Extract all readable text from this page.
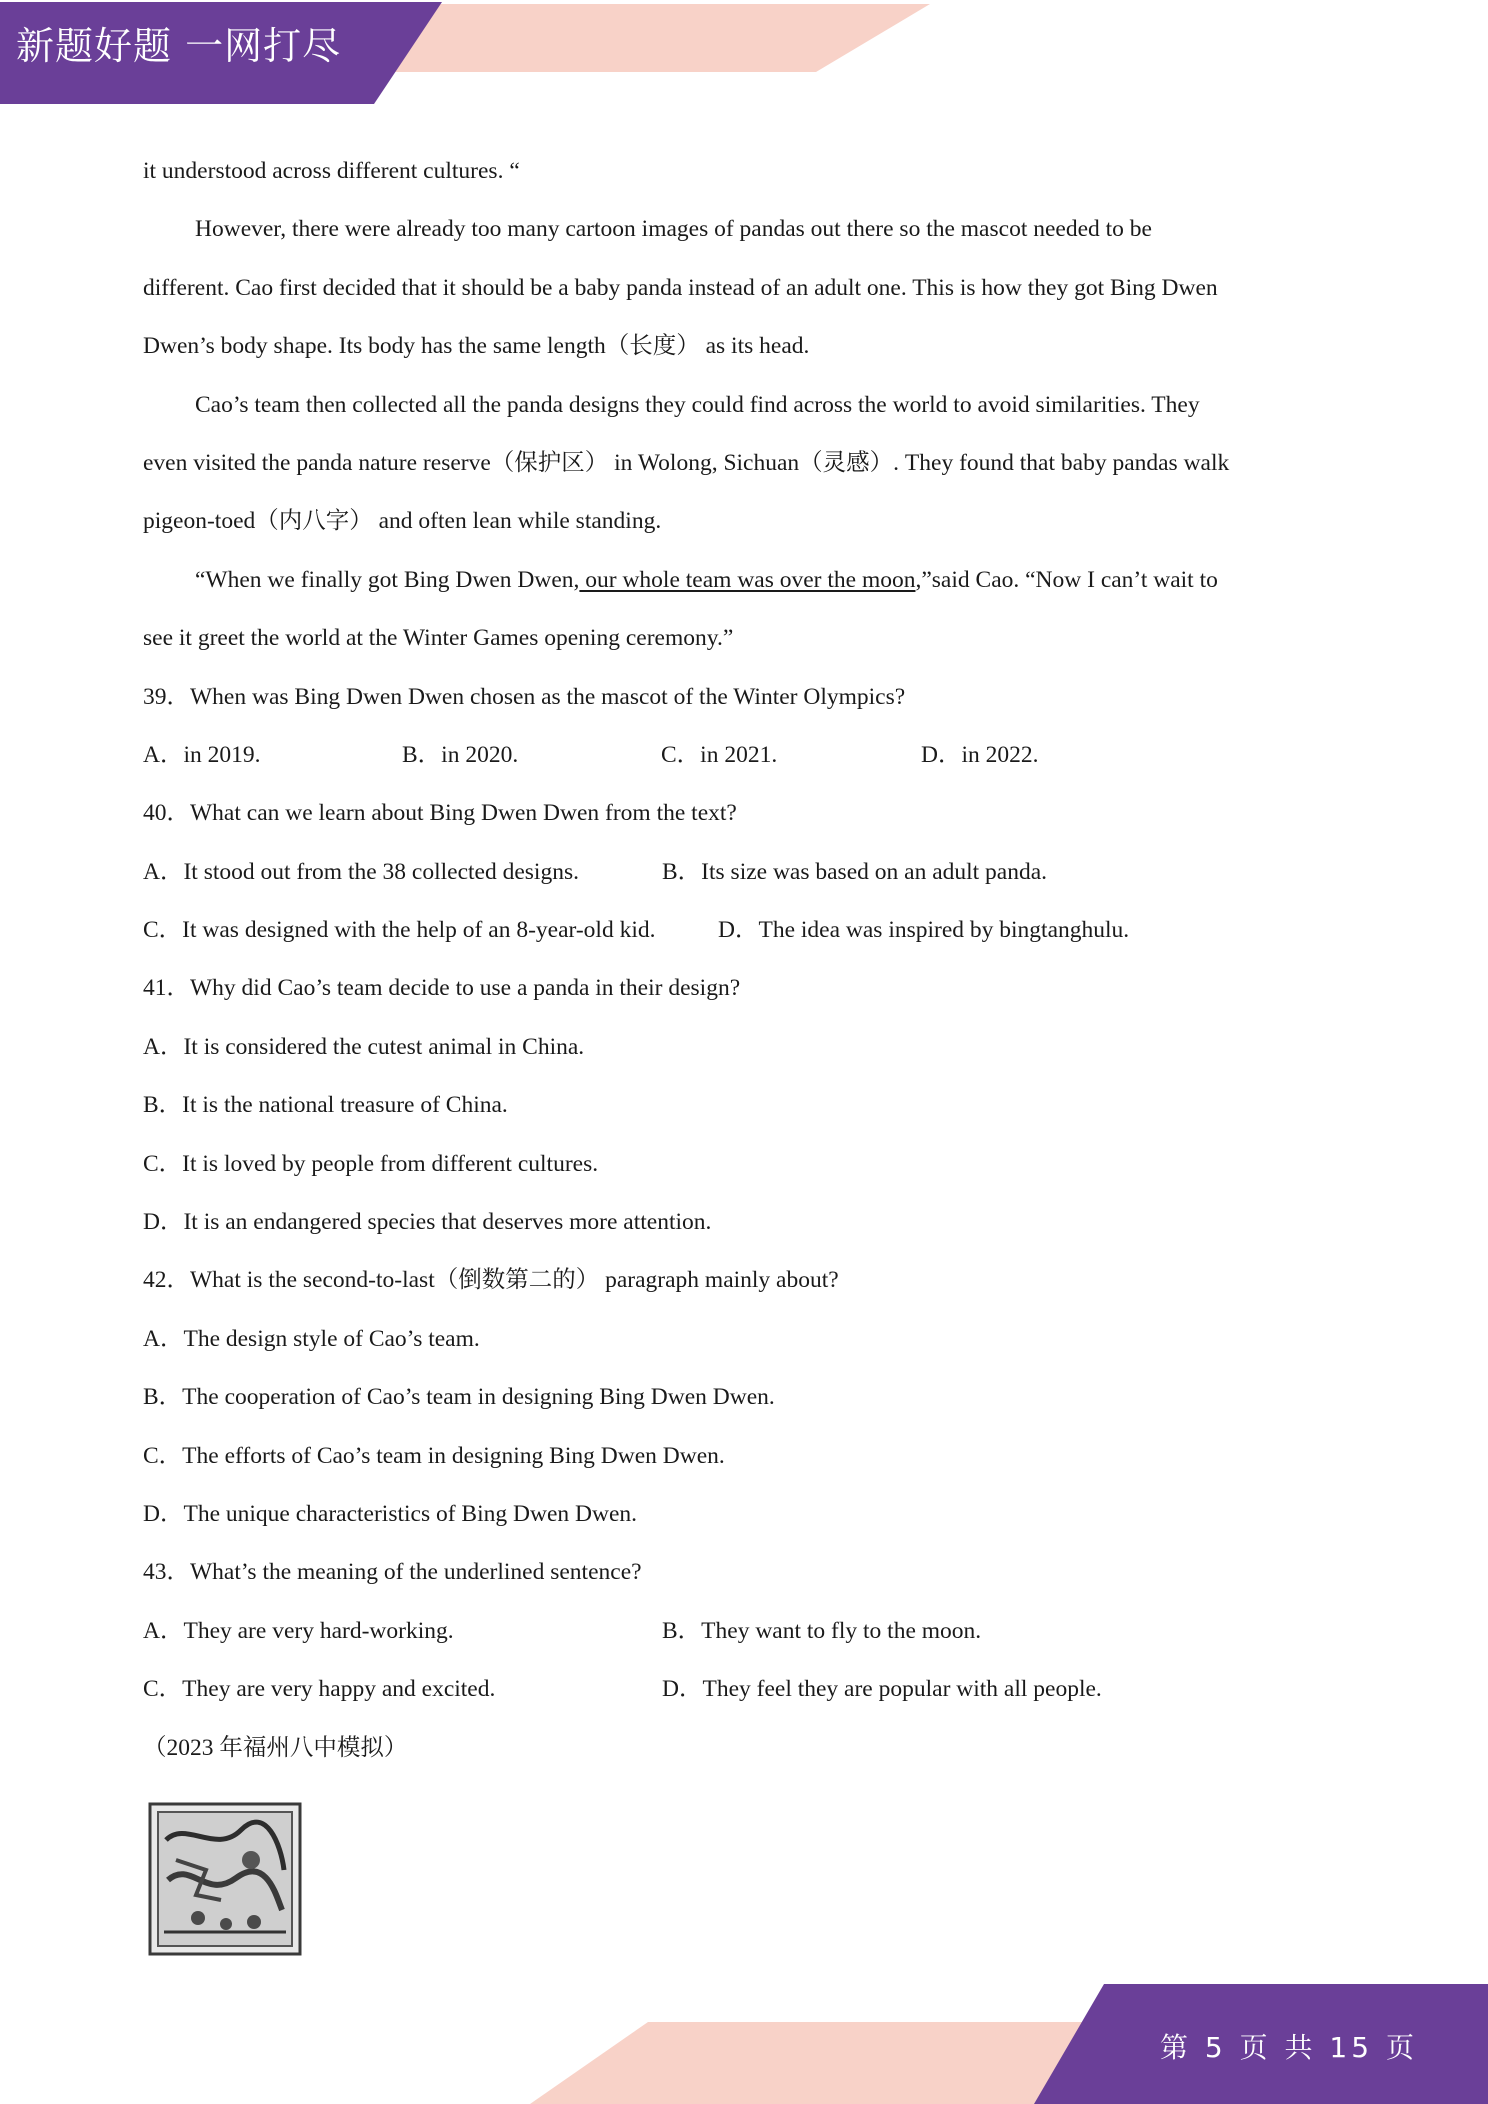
新题好题 一网打尽
it understood across different cultures. “
However, there were already too many cartoon images of pandas out there so the mascot needed to be
different. Cao first decided that it should be a baby panda instead of an adult one. This is how they got Bing Dwen
Dwen’s body shape. Its body has the same length（长度） as its head.
Cao’s team then collected all the panda designs they could find across the world to avoid similarities. They
even visited the panda nature reserve（保护区） in Wolong, Sichuan（灵感）. They found that baby pandas walk
pigeon-toed（内八字） and often lean while standing.
“When we finally got Bing Dwen Dwen, our whole team was over the moon,”said Cao. “Now I can’t wait to
see it greet the world at the Winter Games opening ceremony.”
39．When was Bing Dwen Dwen chosen as the mascot of the Winter Olympics?
A．in 2019.	B．in 2020.	C．in 2021.	D．in 2022.
40．What can we learn about Bing Dwen Dwen from the text?
A．It stood out from the 38 collected designs.	B．Its size was based on an adult panda.
C．It was designed with the help of an 8-year-old kid.	D．The idea was inspired by bingtanghulu.
41．Why did Cao’s team decide to use a panda in their design?
A．It is considered the cutest animal in China.
B．It is the national treasure of China.
C．It is loved by people from different cultures.
D．It is an endangered species that deserves more attention.
42．What is the second-to-last（倒数第二的） paragraph mainly about?
A．The design style of Cao’s team.
B．The cooperation of Cao’s team in designing Bing Dwen Dwen.
C．The efforts of Cao’s team in designing Bing Dwen Dwen.
D．The unique characteristics of Bing Dwen Dwen.
43．What’s the meaning of the underlined sentence?
A．They are very hard-working.	B．They want to fly to the moon.
C．They are very happy and excited.	D．They feel they are popular with all people.
（2023 年福州八中模拟）
第 5 页 共 15 页
